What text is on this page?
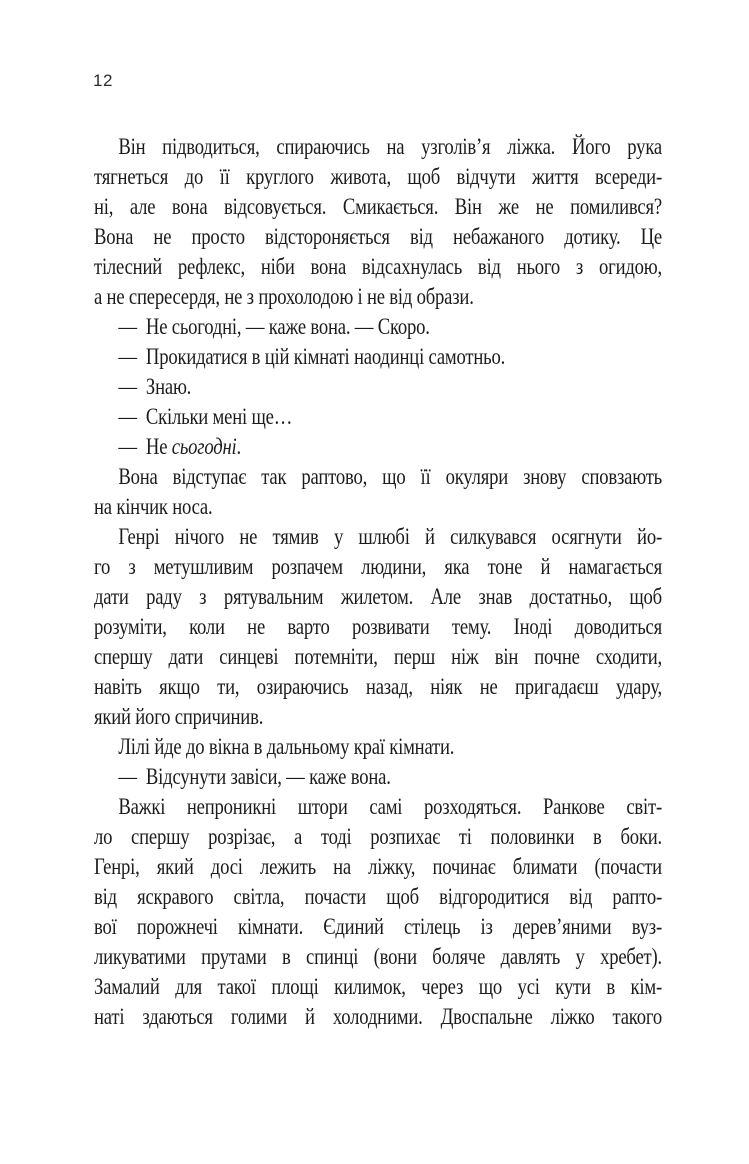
12
Він підводиться, спираючись на узголів’я ліжка. Його рука
тягнеться до її круглого живота, щоб відчути життя всереди-
ні, але вона відсовується. Смикається. Він же не помилився?
Вона не просто відстороняється від небажаного дотику. Це
тілесний рефлекс, ніби вона відсахнулась від нього з огидою,
а не спересердя, не з прохолодою і не від образи.
— Не сьогодні, — каже вона. — Скоро.
— Прокидатися в цій кімнаті наодинці самотньо.
— Знаю.
— Скільки мені ще…
— Не сьогодні.
Вона відступає так раптово, що її окуляри знову сповзають
на кінчик носа.
Генрі нічого не тямив у шлюбі й силкувався осягнути йо-
го з метушливим розпачем людини, яка тоне й намагається
дати раду з рятувальним жилетом. Але знав достатньо, щоб
розуміти, коли не варто розвивати тему. Іноді доводиться
спершу дати синцеві потемніти, перш ніж він почне сходити,
навіть якщо ти, озираючись назад, ніяк не пригадаєш удару,
який його спричинив.
Лілі йде до вікна в дальньому краї кімнати.
— Відсунути завіси, — каже вона.
Важкі непроникні штори самі розходяться. Ранкове світ-
ло спершу розрізає, а тоді розпихає ті половинки в боки.
Генрі, який досі лежить на ліжку, починає блимати (почасти
від яскравого світла, почасти щоб відгородитися від рапто-
вої порожнечі кімнати. Єдиний стілець із дерев’яними вуз-
ликуватими прутами в спинці (вони боляче давлять у хребет).
Замалий для такої площі килимок, через що усі кути в кім-
наті здаються голими й холодними. Двоспальне ліжко такого
